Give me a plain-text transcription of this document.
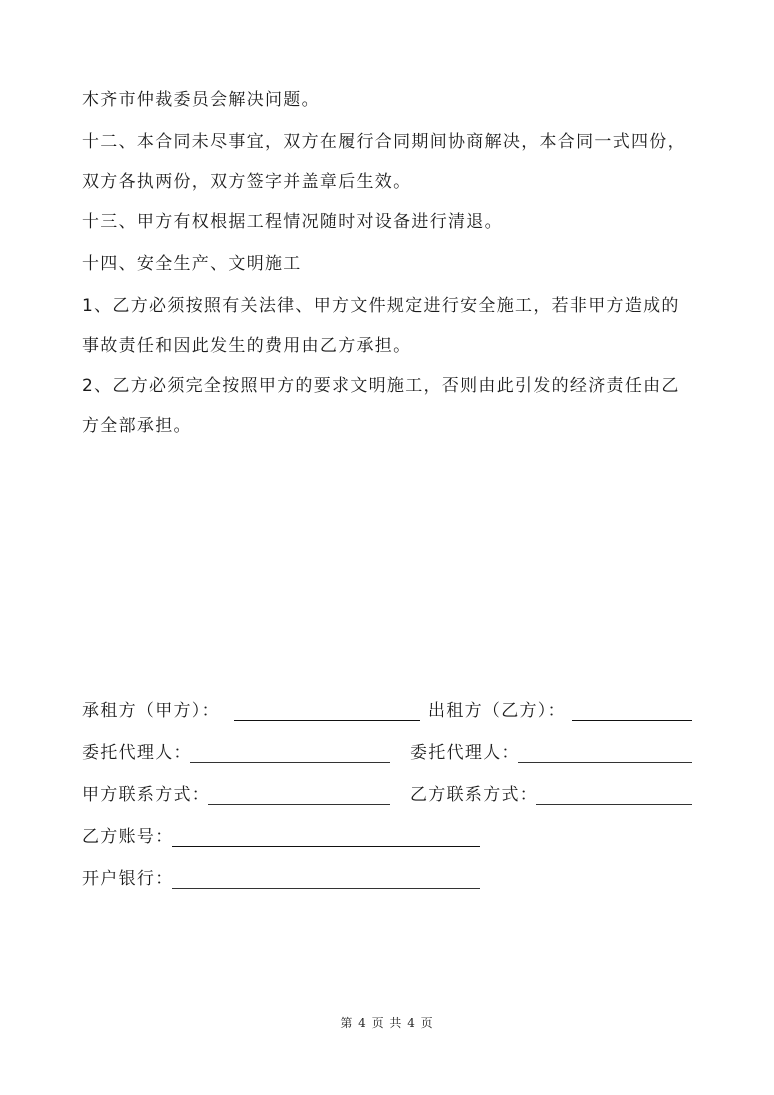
木齐市仲裁委员会解决问题。

十二、本合同未尽事宜，双方在履行合同期间协商解决，本合同一式四份，双方各执两份，双方签字并盖章后生效。

十三、甲方有权根据工程情况随时对设备进行清退。

十四、安全生产、文明施工

1、乙方必须按照有关法律、甲方文件规定进行安全施工，若非甲方造成的事故责任和因此发生的费用由乙方承担。

2、乙方必须完全按照甲方的要求文明施工，否则由此引发的经济责任由乙方全部承担。

承租方（甲方）：	出租方（乙方）：
委托代理人：	委托代理人：
甲方联系方式：	乙方联系方式：
乙方账号：
开户银行：
第 4 页 共 4 页
